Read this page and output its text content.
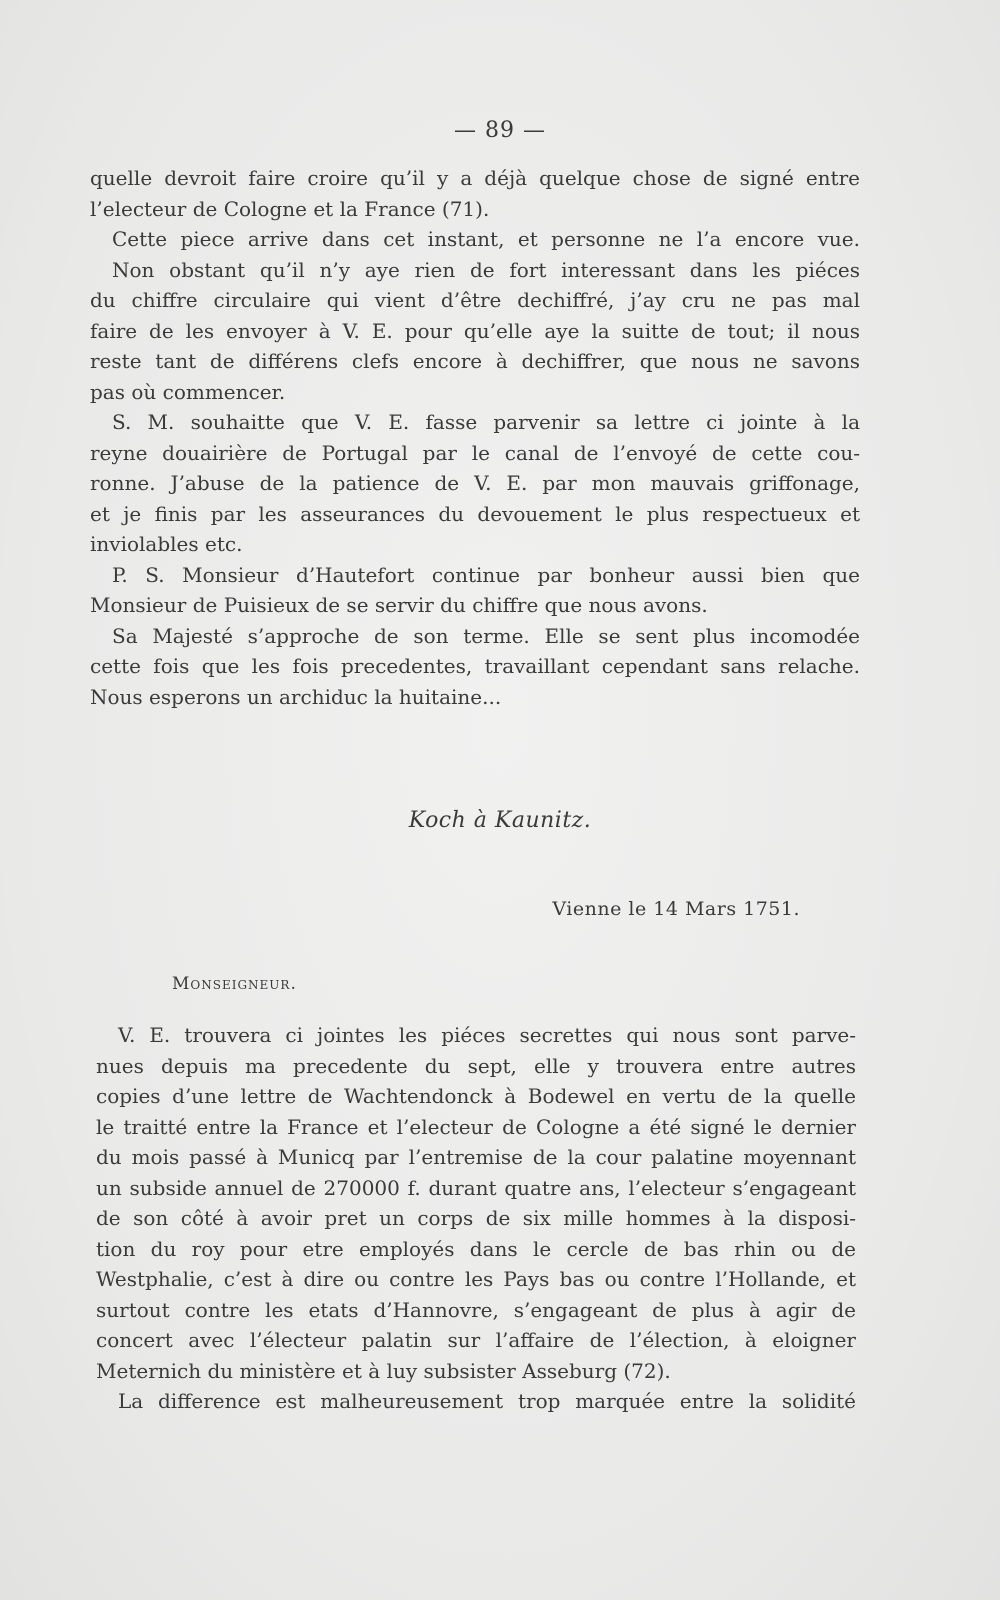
— 89 —
quelle devroit faire croire qu’il y a déjà quelque chose de signé entre
l’electeur de Cologne et la France (71).
Cette piece arrive dans cet instant, et personne ne l’a encore vue.
Non obstant qu’il n’y aye rien de fort interessant dans les piéces
du chiffre circulaire qui vient d’être dechiffré, j’ay cru ne pas mal
faire de les envoyer à V. E. pour qu’elle aye la suitte de tout; il nous
reste tant de différens clefs encore à dechiffrer, que nous ne savons
pas où commencer.
S. M. souhaitte que V. E. fasse parvenir sa lettre ci jointe à la
reyne douairière de Portugal par le canal de l’envoyé de cette cou-
ronne. J’abuse de la patience de V. E. par mon mauvais griffonage,
et je finis par les asseurances du devouement le plus respectueux et
inviolables etc.
P. S. Monsieur d’Hautefort continue par bonheur aussi bien que
Monsieur de Puisieux de se servir du chiffre que nous avons.
Sa Majesté s’approche de son terme. Elle se sent plus incomodée
cette fois que les fois precedentes, travaillant cependant sans relache.
Nous esperons un archiduc la huitaine...
Koch à Kaunitz.
Vienne le 14 Mars 1751.
Monseigneur.
V. E. trouvera ci jointes les piéces secrettes qui nous sont parve-
nues depuis ma precedente du sept, elle y trouvera entre autres
copies d’une lettre de Wachtendonck à Bodewel en vertu de la quelle
le traitté entre la France et l’electeur de Cologne a été signé le dernier
du mois passé à Municq par l’entremise de la cour palatine moyennant
un subside annuel de 270000 f. durant quatre ans, l’electeur s’engageant
de son côté à avoir pret un corps de six mille hommes à la disposi-
tion du roy pour etre employés dans le cercle de bas rhin ou de
Westphalie, c’est à dire ou contre les Pays bas ou contre l’Hollande, et
surtout contre les etats d’Hannovre, s’engageant de plus à agir de
concert avec l’électeur palatin sur l’affaire de l’élection, à eloigner
Meternich du ministère et à luy subsister Asseburg (72).
La difference est malheureusement trop marquée entre la solidité
